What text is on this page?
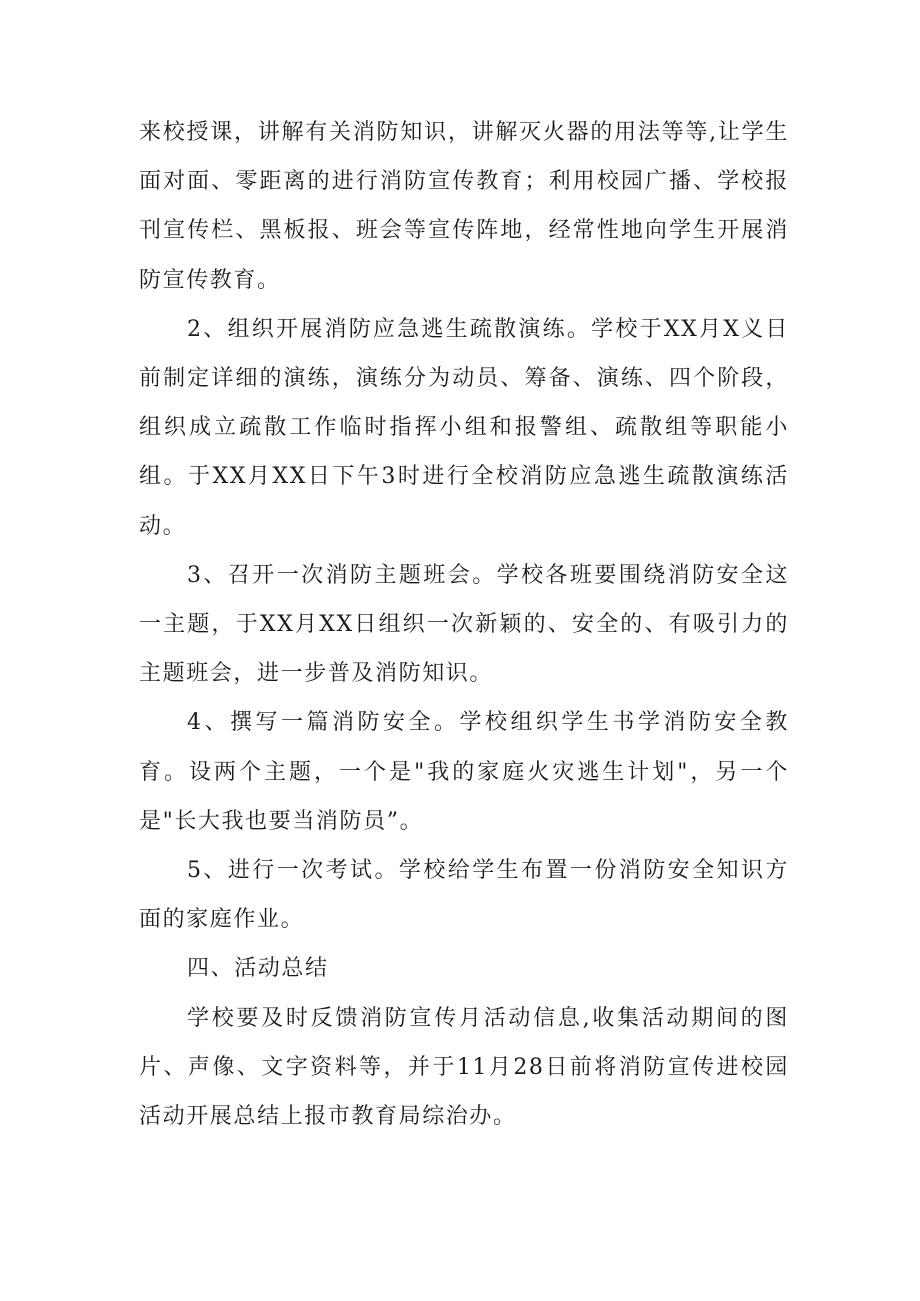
来校授课，讲解有关消防知识，讲解灭火器的用法等等,让学生面对面、零距离的进行消防宣传教育；利用校园广播、学校报刊宣传栏、黑板报、班会等宣传阵地，经常性地向学生开展消防宣传教育。

2、组织开展消防应急逃生疏散演练。学校于XX月X义日前制定详细的演练，演练分为动员、筹备、演练、四个阶段，组织成立疏散工作临时指挥小组和报警组、疏散组等职能小组。于XX月XX日下午3时进行全校消防应急逃生疏散演练活动。

3、召开一次消防主题班会。学校各班要围绕消防安全这一主题，于XX月XX日组织一次新颖的、安全的、有吸引力的主题班会，进一步普及消防知识。

4、撰写一篇消防安全。学校组织学生书学消防安全教育。设两个主题，一个是"我的家庭火灾逃生计划"，另一个是"长大我也要当消防员”。

5、进行一次考试。学校给学生布置一份消防安全知识方面的家庭作业。

四、活动总结

学校要及时反馈消防宣传月活动信息,收集活动期间的图片、声像、文字资料等，并于11月28日前将消防宣传进校园活动开展总结上报市教育局综治办。
